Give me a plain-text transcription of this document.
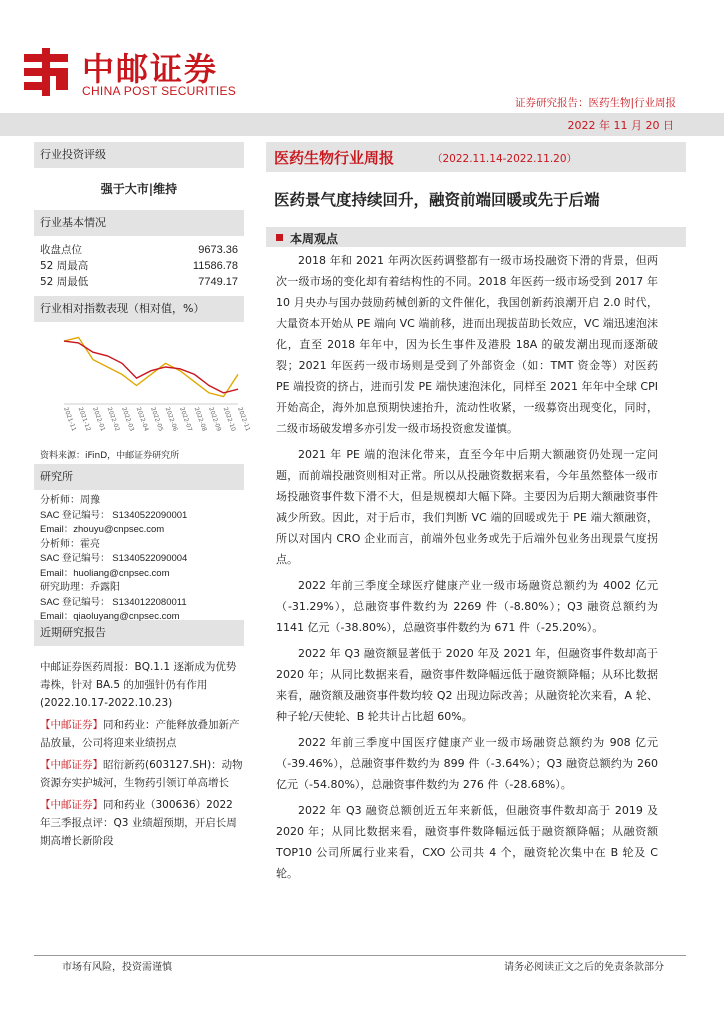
中邮证券
CHINA POST SECURITIES
证券研究报告：医药生物|行业周报
2022 年 11 月 20 日
行业投资评级
强于大市|维持
行业基本情况
收盘点位	9673.36
52 周最高	11586.78
52 周最低	7749.17
行业相对指数表现（相对值，%）
2021-11 2021-12 2022-01 2022-02 2022-03 2022-04 2022-05 2022-06 2022-07 2022-08 2022-09 2022-10 2022-11
资料来源：iFinD，中邮证券研究所
研究所
分析师：周豫
SAC 登记编号： S1340522090001
Email：zhouyu@cnpsec.com
分析师：霍亮
SAC 登记编号： S1340522090004
Email：huoliang@cnpsec.com
研究助理：乔露阳
SAC 登记编号： S1340122080011
Email：qiaoluyang@cnpsec.com
近期研究报告

中邮证券医药周报：BQ.1.1 逐渐成为优势毒株，针对 BA.5 的加强针仍有作用(2022.10.17-2022.10.23)

【中邮证券】同和药业：产能释放叠加新产品放量，公司将迎来业绩拐点

【中邮证券】昭衍新药(603127.SH)：动物资源夯实护城河，生物药引领订单高增长

【中邮证券】同和药业（300636）2022 年三季报点评：Q3 业绩超预期，开启长周期高增长新阶段

医药生物行业周报	（2022.11.14-2022.11.20）
医药景气度持续回升，融资前端回暖或先于后端
本周观点

2018 年和 2021 年两次医药调整都有一级市场投融资下滑的背景，但两次一级市场的变化却有着结构性的不同。2018 年医药一级市场受到 2017 年 10 月央办与国办鼓励药械创新的文件催化，我国创新药浪潮开启 2.0 时代，大量资本开始从 PE 端向 VC 端前移，进而出现拔苗助长效应，VC 端迅速泡沫化，直至 2018 年年中，因为长生事件及港股 18A 的破发潮出现而逐渐破裂；2021 年医药一级市场则是受到了外部资金（如：TMT 资金等）对医药 PE 端投资的挤占，进而引发 PE 端快速泡沫化，同样至 2021 年年中全球 CPI 开始高企，海外加息预期快速抬升，流动性收紧，一级募资出现变化，同时，二级市场破发增多亦引发一级市场投资愈发谨慎。

2021 年 PE 端的泡沫化带来，直至今年中后期大额融资仍处现一定问题，而前端投融资则相对正常。所以从投融资数据来看，今年虽然整体一级市场投融资事件数下滑不大，但是规模却大幅下降。主要因为后期大额融资事件减少所致。因此，对于后市，我们判断 VC 端的回暖或先于 PE 端大额融资，所以对国内 CRO 企业而言，前端外包业务或先于后端外包业务出现景气度拐点。

2022 年前三季度全球医疗健康产业一级市场融资总额约为 4002 亿元（-31.29%），总融资事件数约为 2269 件（-8.80%）；Q3 融资总额约为 1141 亿元（-38.80%），总融资事件数约为 671 件（-25.20%）。

2022 年 Q3 融资额显著低于 2020 年及 2021 年，但融资事件数却高于 2020 年；从同比数据来看，融资事件数降幅远低于融资额降幅；从环比数据来看，融资额及融资事件数均较 Q2 出现边际改善；从融资轮次来看，A 轮、种子轮/天使轮、B 轮共计占比超 60%。

2022 年前三季度中国医疗健康产业一级市场融资总额约为 908 亿元（-39.46%），总融资事件数约为 899 件（-3.64%）；Q3 融资总额约为 260 亿元（-54.80%），总融资事件数约为 276 件（-28.68%）。

2022 年 Q3 融资总额创近五年来新低，但融资事件数却高于 2019 及 2020 年；从同比数据来看，融资事件数降幅远低于融资额降幅；从融资额 TOP10 公司所属行业来看，CXO 公司共 4 个，融资轮次集中在 B 轮及 C 轮。

市场有风险，投资需谨慎	请务必阅读正文之后的免责条款部分
